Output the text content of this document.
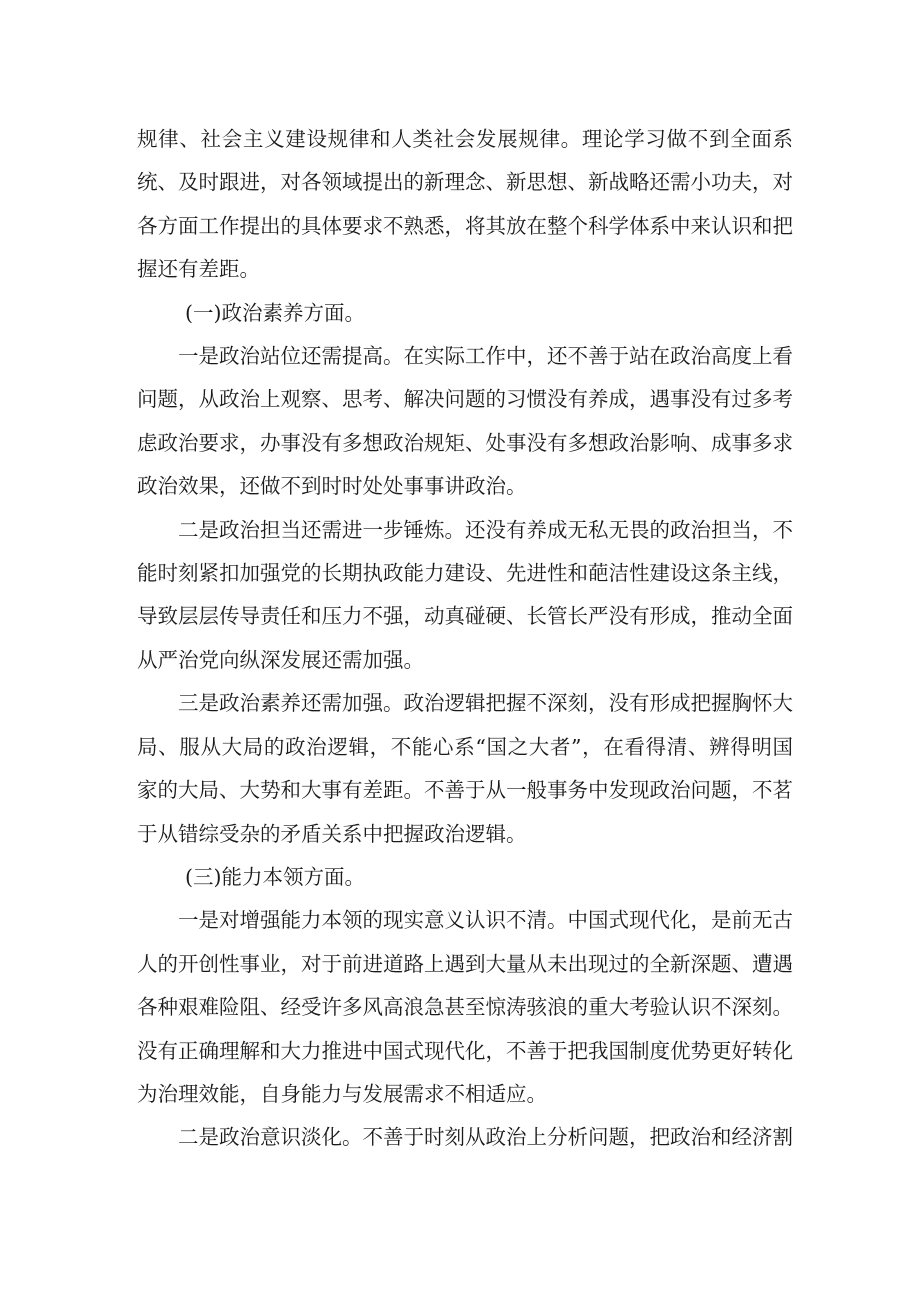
规律、社会主义建设规律和人类社会发展规律。理论学习做不到全面系统、及时跟进，对各领域提出的新理念、新思想、新战略还需小功夫，对各方面工作提出的具体要求不熟悉，将其放在整个科学体系中来认识和把握还有差距。

(一)政治素养方面。

一是政治站位还需提高。在实际工作中，还不善于站在政治高度上看问题，从政治上观察、思考、解决问题的习惯没有养成，遇事没有过多考虑政治要求，办事没有多想政治规矩、处事没有多想政治影响、成事多求政治效果，还做不到时时处处事事讲政治。

二是政治担当还需进一步锤炼。还没有养成无私无畏的政治担当，不能时刻紧扣加强党的长期执政能力建设、先进性和葩洁性建设这条主线，导致层层传导责任和压力不强，动真碰硬、长管长严没有形成，推动全面从严治党向纵深发展还需加强。

三是政治素养还需加强。政治逻辑把握不深刻，没有形成把握胸怀大局、服从大局的政治逻辑，不能心系“国之大者”，在看得清、辨得明国家的大局、大势和大事有差距。不善于从一般事务中发现政治问题，不茗于从错综受杂的矛盾关系中把握政治逻辑。

(三)能力本领方面。

一是对增强能力本领的现实意义认识不清。中国式现代化，是前无古人的开创性事业，对于前进道路上遇到大量从未出现过的全新深题、遭遇各种艰难险阻、经受许多风高浪急甚至惊涛骇浪的重大考验认识不深刻。没有正确理解和大力推进中国式现代化，不善于把我国制度优势更好转化为治理效能，自身能力与发展需求不相适应。

二是政治意识淡化。不善于时刻从政治上分析问题，把政治和经济割
